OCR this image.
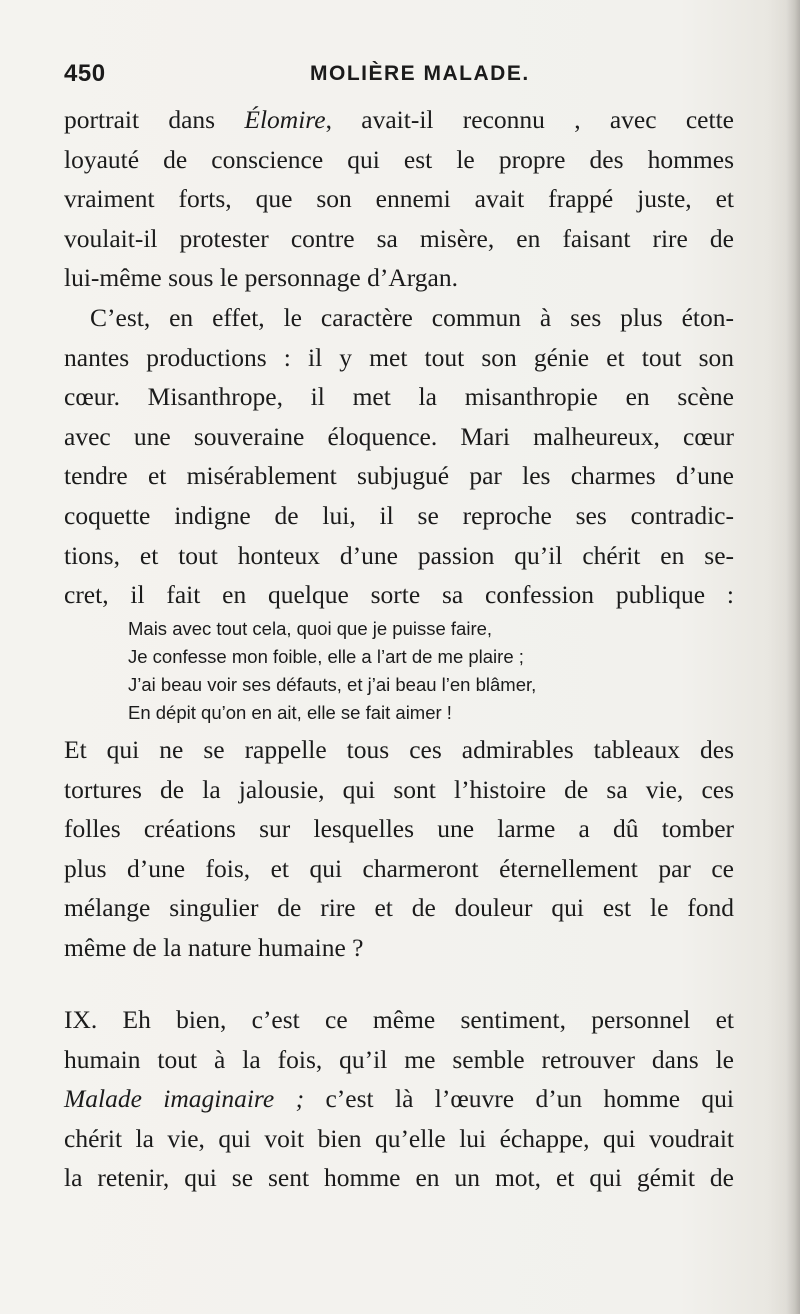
450	MOLIÈRE MALADE.
portrait dans Élomire, avait-il reconnu , avec cette
loyauté de conscience qui est le propre des hommes
vraiment forts, que son ennemi avait frappé juste, et
voulait-il protester contre sa misère, en faisant rire de
lui-même sous le personnage d’Argan.
C’est, en effet, le caractère commun à ses plus éton-
nantes productions : il y met tout son génie et tout son
cœur. Misanthrope, il met la misanthropie en scène
avec une souveraine éloquence. Mari malheureux, cœur
tendre et misérablement subjugué par les charmes d’une
coquette indigne de lui, il se reproche ses contradic-
tions, et tout honteux d’une passion qu’il chérit en se-
cret, il fait en quelque sorte sa confession publique :
Mais avec tout cela, quoi que je puisse faire,
Je confesse mon foible, elle a l’art de me plaire ;
J’ai beau voir ses défauts, et j’ai beau l’en blâmer,
En dépit qu’on en ait, elle se fait aimer !
Et qui ne se rappelle tous ces admirables tableaux des
tortures de la jalousie, qui sont l’histoire de sa vie, ces
folles créations sur lesquelles une larme a dû tomber
plus d’une fois, et qui charmeront éternellement par ce
mélange singulier de rire et de douleur qui est le fond
même de la nature humaine ?
IX. Eh bien, c’est ce même sentiment, personnel et
humain tout à la fois, qu’il me semble retrouver dans le
Malade imaginaire ; c’est là l’œuvre d’un homme qui
chérit la vie, qui voit bien qu’elle lui échappe, qui voudrait
la retenir, qui se sent homme en un mot, et qui gémit de
